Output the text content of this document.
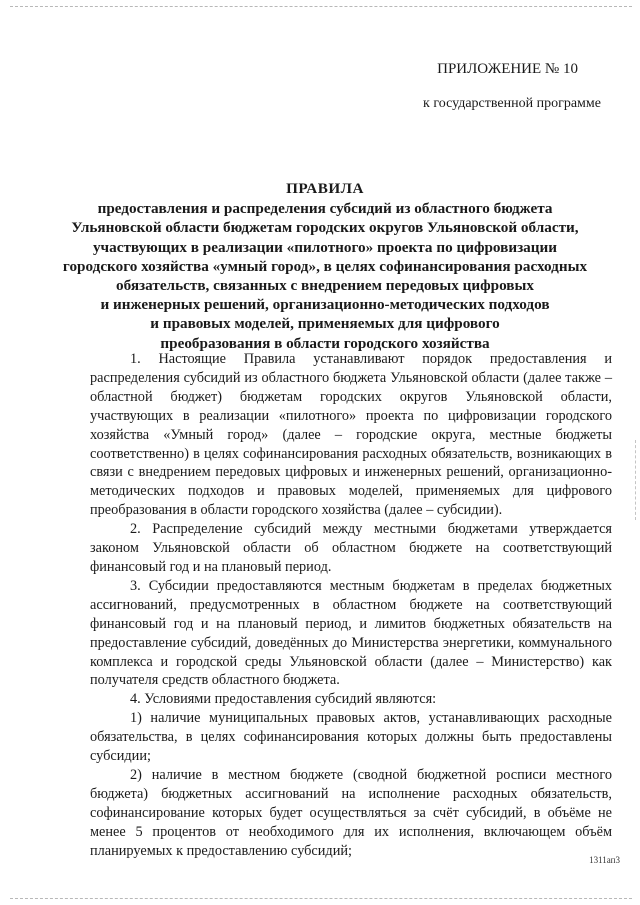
ПРИЛОЖЕНИЕ № 10
к государственной программе
ПРАВИЛА
предоставления и распределения субсидий из областного бюджета
Ульяновской области бюджетам городских округов Ульяновской области,
участвующих в реализации «пилотного» проекта по цифровизации
городского хозяйства «умный город», в целях софинансирования расходных
обязательств, связанных с внедрением передовых цифровых
и инженерных решений, организационно-методических подходов
и правовых моделей, применяемых для цифрового
преобразования в области городского хозяйства

1. Настоящие Правила устанавливают порядок предоставления и распределения субсидий из областного бюджета Ульяновской области (далее также – областной бюджет) бюджетам городских округов Ульяновской области, участвующих в реализации «пилотного» проекта по цифровизации городского хозяйства «Умный город» (далее – городские округа, местные бюджеты соответственно) в целях софинансирования расходных обязательств, возникающих в связи с внедрением передовых цифровых и инженерных решений, организационно-методических подходов и правовых моделей, применяемых для цифрового преобразования в области городского хозяйства (далее – субсидии).

2. Распределение субсидий между местными бюджетами утверждается законом Ульяновской области об областном бюджете на соответствующий финансовый год и на плановый период.

3. Субсидии предоставляются местным бюджетам в пределах бюджетных ассигнований, предусмотренных в областном бюджете на соответствующий финансовый год и на плановый период, и лимитов бюджетных обязательств на предоставление субсидий, доведённых до Министерства энергетики, коммунального комплекса и городской среды Ульяновской области (далее – Министерство) как получателя средств областного бюджета.

4. Условиями предоставления субсидий являются:

1) наличие муниципальных правовых актов, устанавливающих расходные обязательства, в целях софинансирования которых должны быть предоставлены субсидии;

2) наличие в местном бюджете (сводной бюджетной росписи местного бюджета) бюджетных ассигнований на исполнение расходных обязательств, софинансирование которых будет осуществляться за счёт субсидий, в объёме не менее 5 процентов от необходимого для их исполнения, включающем объём планируемых к предоставлению субсидий;

1311ап3
